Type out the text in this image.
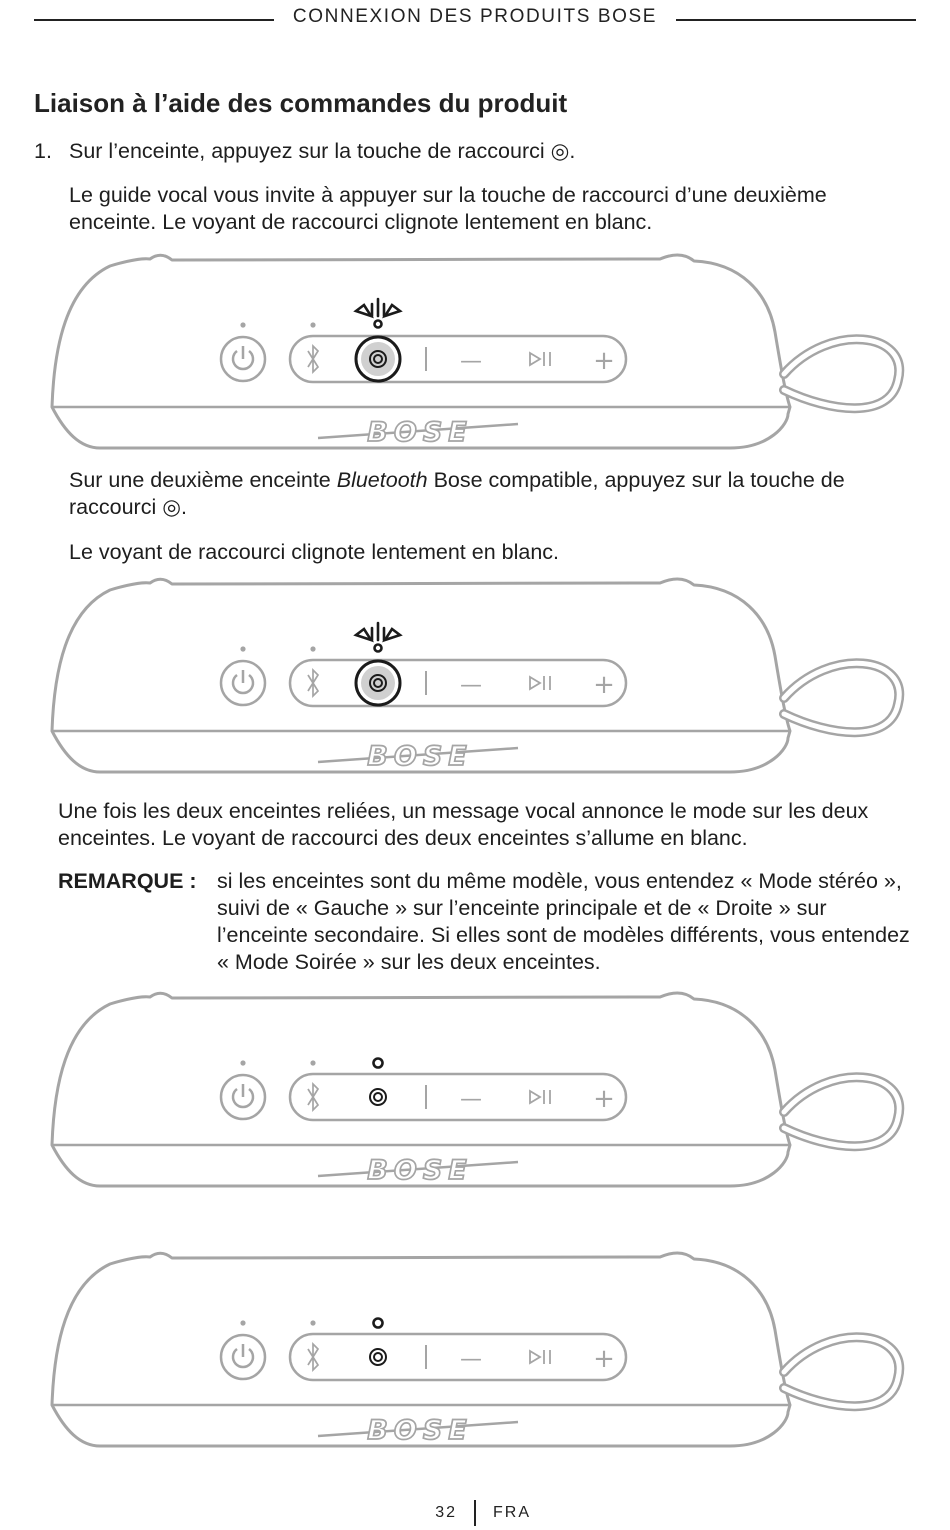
CONNEXION DES PRODUITS BOSE
Liaison à l’aide des commandes du produit
1. Sur l’enceinte, appuyez sur la touche de raccourci ◎.
Le guide vocal vous invite à appuyer sur la touche de raccourci d’une deuxième enceinte. Le voyant de raccourci clignote lentement en blanc.
BOSE
—	+
Sur une deuxième enceinte Bluetooth Bose compatible, appuyez sur la touche de raccourci ◎.
Le voyant de raccourci clignote lentement en blanc.
BOSE
—	+
Une fois les deux enceintes reliées, un message vocal annonce le mode sur les deux enceintes. Le voyant de raccourci des deux enceintes s’allume en blanc.
REMARQUE : si les enceintes sont du même modèle, vous entendez « Mode stéréo », suivi de « Gauche » sur l’enceinte principale et de « Droite » sur l’enceinte secondaire. Si elles sont de modèles différents, vous entendez « Mode Soirée » sur les deux enceintes.
BOSE
—	+
BOSE
—	+
32 FRA
